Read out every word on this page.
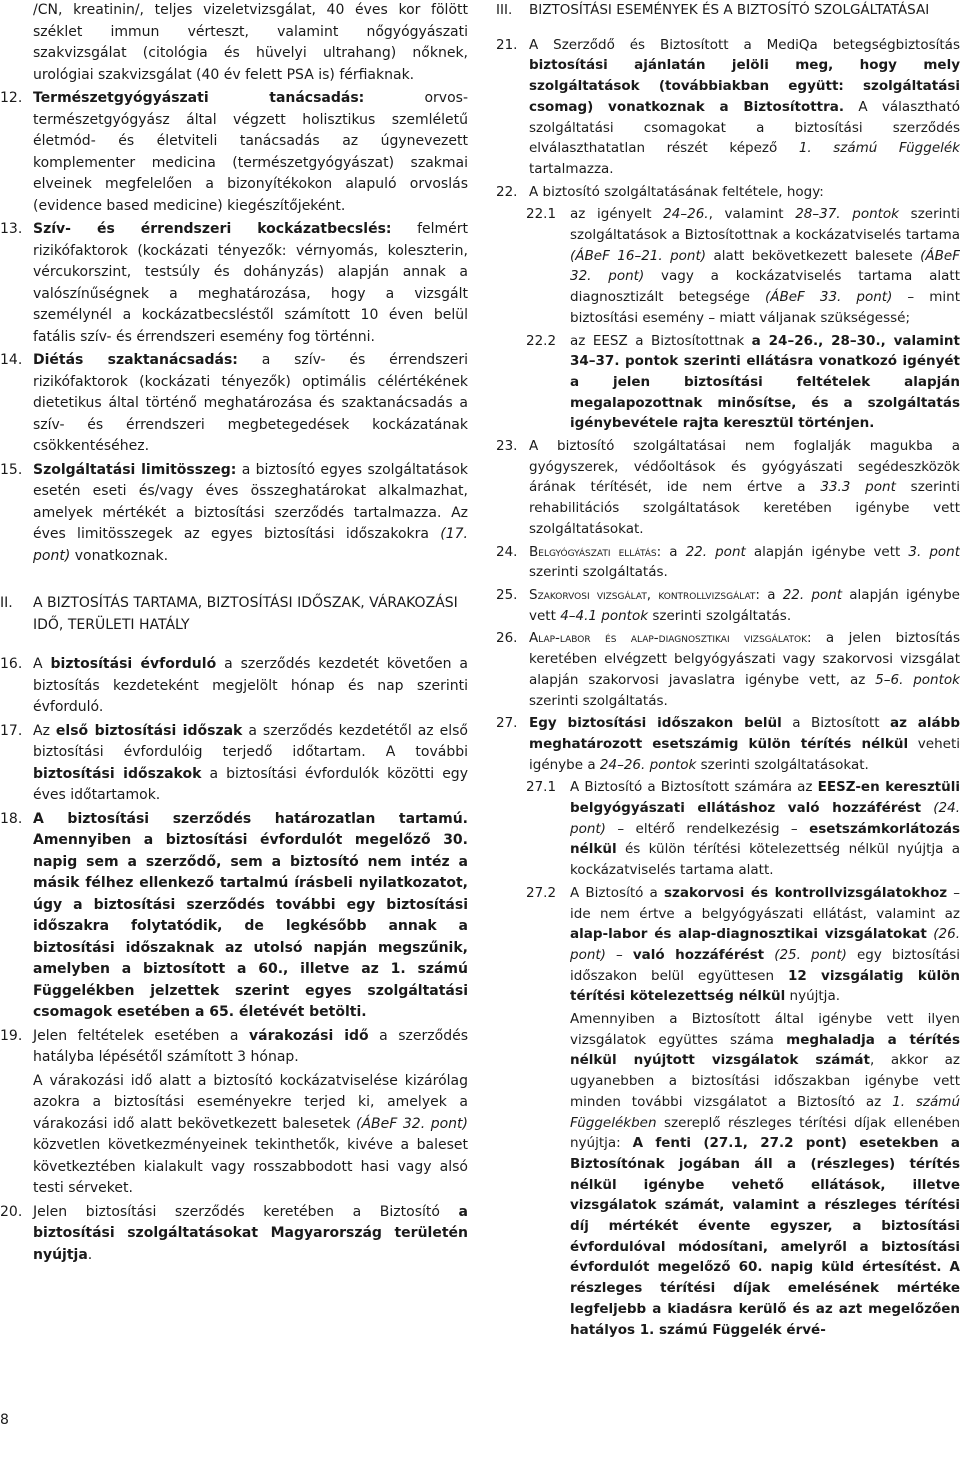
/CN, kreatinin/, teljes vizeletvizsgálat, 40 éves kor fölött széklet immun vérteszt, valamint nőgyógyászati szakvizsgálat (citológia és hüvelyi ultrahang) nőknek, urológiai szakvizsgálat (40 év felett PSA is) férfiaknak.

12. Természetgyógyászati tanácsadás: orvos-természetgyógyász által végzett holisztikus szemléletű életmód- és életviteli tanácsadás az úgynevezett komplementer medicina (természetgyógyászat) szakmai elveinek megfelelően a bizonyítékokon alapuló orvoslás (evidence based medicine) kiegészítőjeként.

13. Szív- és érrendszeri kockázatbecslés: felmért rizikófaktorok (kockázati tényezők: vérnyomás, koleszterin, vércukorszint, testsúly és dohányzás) alapján annak a valószínűségnek a meghatározása, hogy a vizsgált személynél a kockázatbecsléstől számított 10 éven belül fatális szív- és érrendszeri esemény fog történni.

14. Diétás szaktanácsadás: a szív- és érrendszeri rizikófaktorok (kockázati tényezők) optimális célértékének dietetikus által történő meghatározása és szaktanácsadás a szív- és érrendszeri megbetegedések kockázatának csökkentéséhez.

15. Szolgáltatási limitösszeg: a biztosító egyes szolgáltatások esetén eseti és/vagy éves összeghatárokat alkalmazhat, amelyek mértékét a biztosítási szerződés tartalmazza. Az éves limitösszegek az egyes biztosítási időszakokra (17. pont) vonatkoznak.

II. A BIZTOSÍTÁS TARTAMA, BIZTOSÍTÁSI IDŐSZAK, VÁRAKOZÁSI IDŐ, TERÜLETI HATÁLY

16. A biztosítási évforduló a szerződés kezdetét követően a biztosítás kezdeteként megjelölt hónap és nap szerinti évforduló.

17. Az első biztosítási időszak a szerződés kezdetétől az első biztosítási évfordulóig terjedő időtartam. A további biztosítási időszakok a biztosítási évfordulók közötti egy éves időtartamok.

18. A biztosítási szerződés határozatlan tartamú. Amennyiben a biztosítási évfordulót megelőző 30. napig sem a szerződő, sem a biztosító nem intéz a másik félhez ellenkező tartalmú írásbeli nyilatkozatot, úgy a biztosítási szerződés további egy biztosítási időszakra folytatódik, de legkésőbb annak a biztosítási időszaknak az utolsó napján megszűnik, amelyben a biztosított a 60., illetve az 1. számú Függelékben jelzettek szerint egyes szolgáltatási csomagok esetében a 65. életévét betölti.

19. Jelen feltételek esetében a várakozási idő a szerződés hatályba lépésétől számított 3 hónap.

A várakozási idő alatt a biztosító kockázatviselése kizárólag azokra a biztosítási eseményekre terjed ki, amelyek a várakozási idő alatt bekövetkezett balesetek (ÁBeF 32. pont) közvetlen következményeinek tekinthetők, kivéve a baleset következtében kialakult vagy rosszabbodott hasi vagy alsó testi sérveket.

20. Jelen biztosítási szerződés keretében a Biztosító a biztosítási szolgáltatásokat Magyarország területén nyújtja.

III. BIZTOSÍTÁSI ESEMÉNYEK ÉS A BIZTOSÍTÓ SZOLGÁLTATÁSAI

21. A Szerződő és Biztosított a MediQa betegségbiztosítás biztosítási ajánlatán jelöli meg, hogy mely szolgáltatások (továbbiakban együtt: szolgáltatási csomag) vonatkoznak a Biztosítottra. A választható szolgáltatási csomagokat a biztosítási szerződés elválaszthatatlan részét képező 1. számú Függelék tartalmazza.

22. A biztosító szolgáltatásának feltétele, hogy:

22.1 az igényelt 24–26., valamint 28–37. pontok szerinti szolgáltatások a Biztosítottnak a kockázatviselés tartama (ÁBeF 16–21. pont) alatt bekövetkezett balesete (ÁBeF 32. pont) vagy a kockázatviselés tartama alatt diagnosztizált betegsége (ÁBeF 33. pont) – mint biztosítási esemény – miatt váljanak szükségessé;

22.2 az EESZ a Biztosítottnak a 24–26., 28–30., valamint 34–37. pontok szerinti ellátásra vonatkozó igényét a jelen biztosítási feltételek alapján megalapozottnak minősítse, és a szolgáltatás igénybevétele rajta keresztül történjen.

23. A biztosító szolgáltatásai nem foglalják magukba a gyógyszerek, védőoltások és gyógyászati segédeszközök árának térítését, ide nem értve a 33.3 pont szerinti rehabilitációs szolgáltatások keretében igénybe vett szolgáltatásokat.

24. Belgyógyászati ellátás: a 22. pont alapján igénybe vett 3. pont szerinti szolgáltatás.

25. Szakorvosi vizsgálat, kontrollvizsgálat: a 22. pont alapján igénybe vett 4–4.1 pontok szerinti szolgáltatás.

26. Alap-labor és alap-diagnosztikai vizsgálatok: a jelen biztosítás keretében elvégzett belgyógyászati vagy szakorvosi vizsgálat alapján szakorvosi javaslatra igénybe vett, az 5–6. pontok szerinti szolgáltatás.

27. Egy biztosítási időszakon belül a Biztosított az alább meghatározott esetszámig külön térítés nélkül veheti igénybe a 24–26. pontok szerinti szolgáltatásokat.

27.1 A Biztosító a Biztosított számára az EESZ-en keresztüli belgyógyászati ellátáshoz való hozzáférést (24. pont) – eltérő rendelkezésig – esetszámkorlátozás nélkül és külön térítési kötelezettség nélkül nyújtja a kockázatviselés tartama alatt.

27.2 A Biztosító a szakorvosi és kontrollvizsgálatokhoz – ide nem értve a belgyógyászati ellátást, valamint az alap-labor és alap-diagnosztikai vizsgálatokat (26. pont) – való hozzáférést (25. pont) egy biztosítási időszakon belül együttesen 12 vizsgálatig külön térítési kötelezettség nélkül nyújtja.

Amennyiben a Biztosított által igénybe vett ilyen vizsgálatok együttes száma meghaladja a térítés nélkül nyújtott vizsgálatok számát, akkor az ugyanebben a biztosítási időszakban igénybe vett minden további vizsgálatot a Biztosító az 1. számú Függelékben szereplő részleges térítési díjak ellenében nyújtja: A fenti (27.1, 27.2 pont) esetekben a Biztosítónak jogában áll a (részleges) térítés nélkül igénybe vehető ellátások, illetve vizsgálatok számát, valamint a részleges térítési díj mértékét évente egyszer, a biztosítási évfordulóval módosítani, amelyről a biztosítási évfordulót megelőző 60. napig küld értesítést. A részleges térítési díjak emelésének mértéke legfeljebb a kiadásra kerülő és az azt megelőzően hatályos 1. számú Függelék érvé-

8
